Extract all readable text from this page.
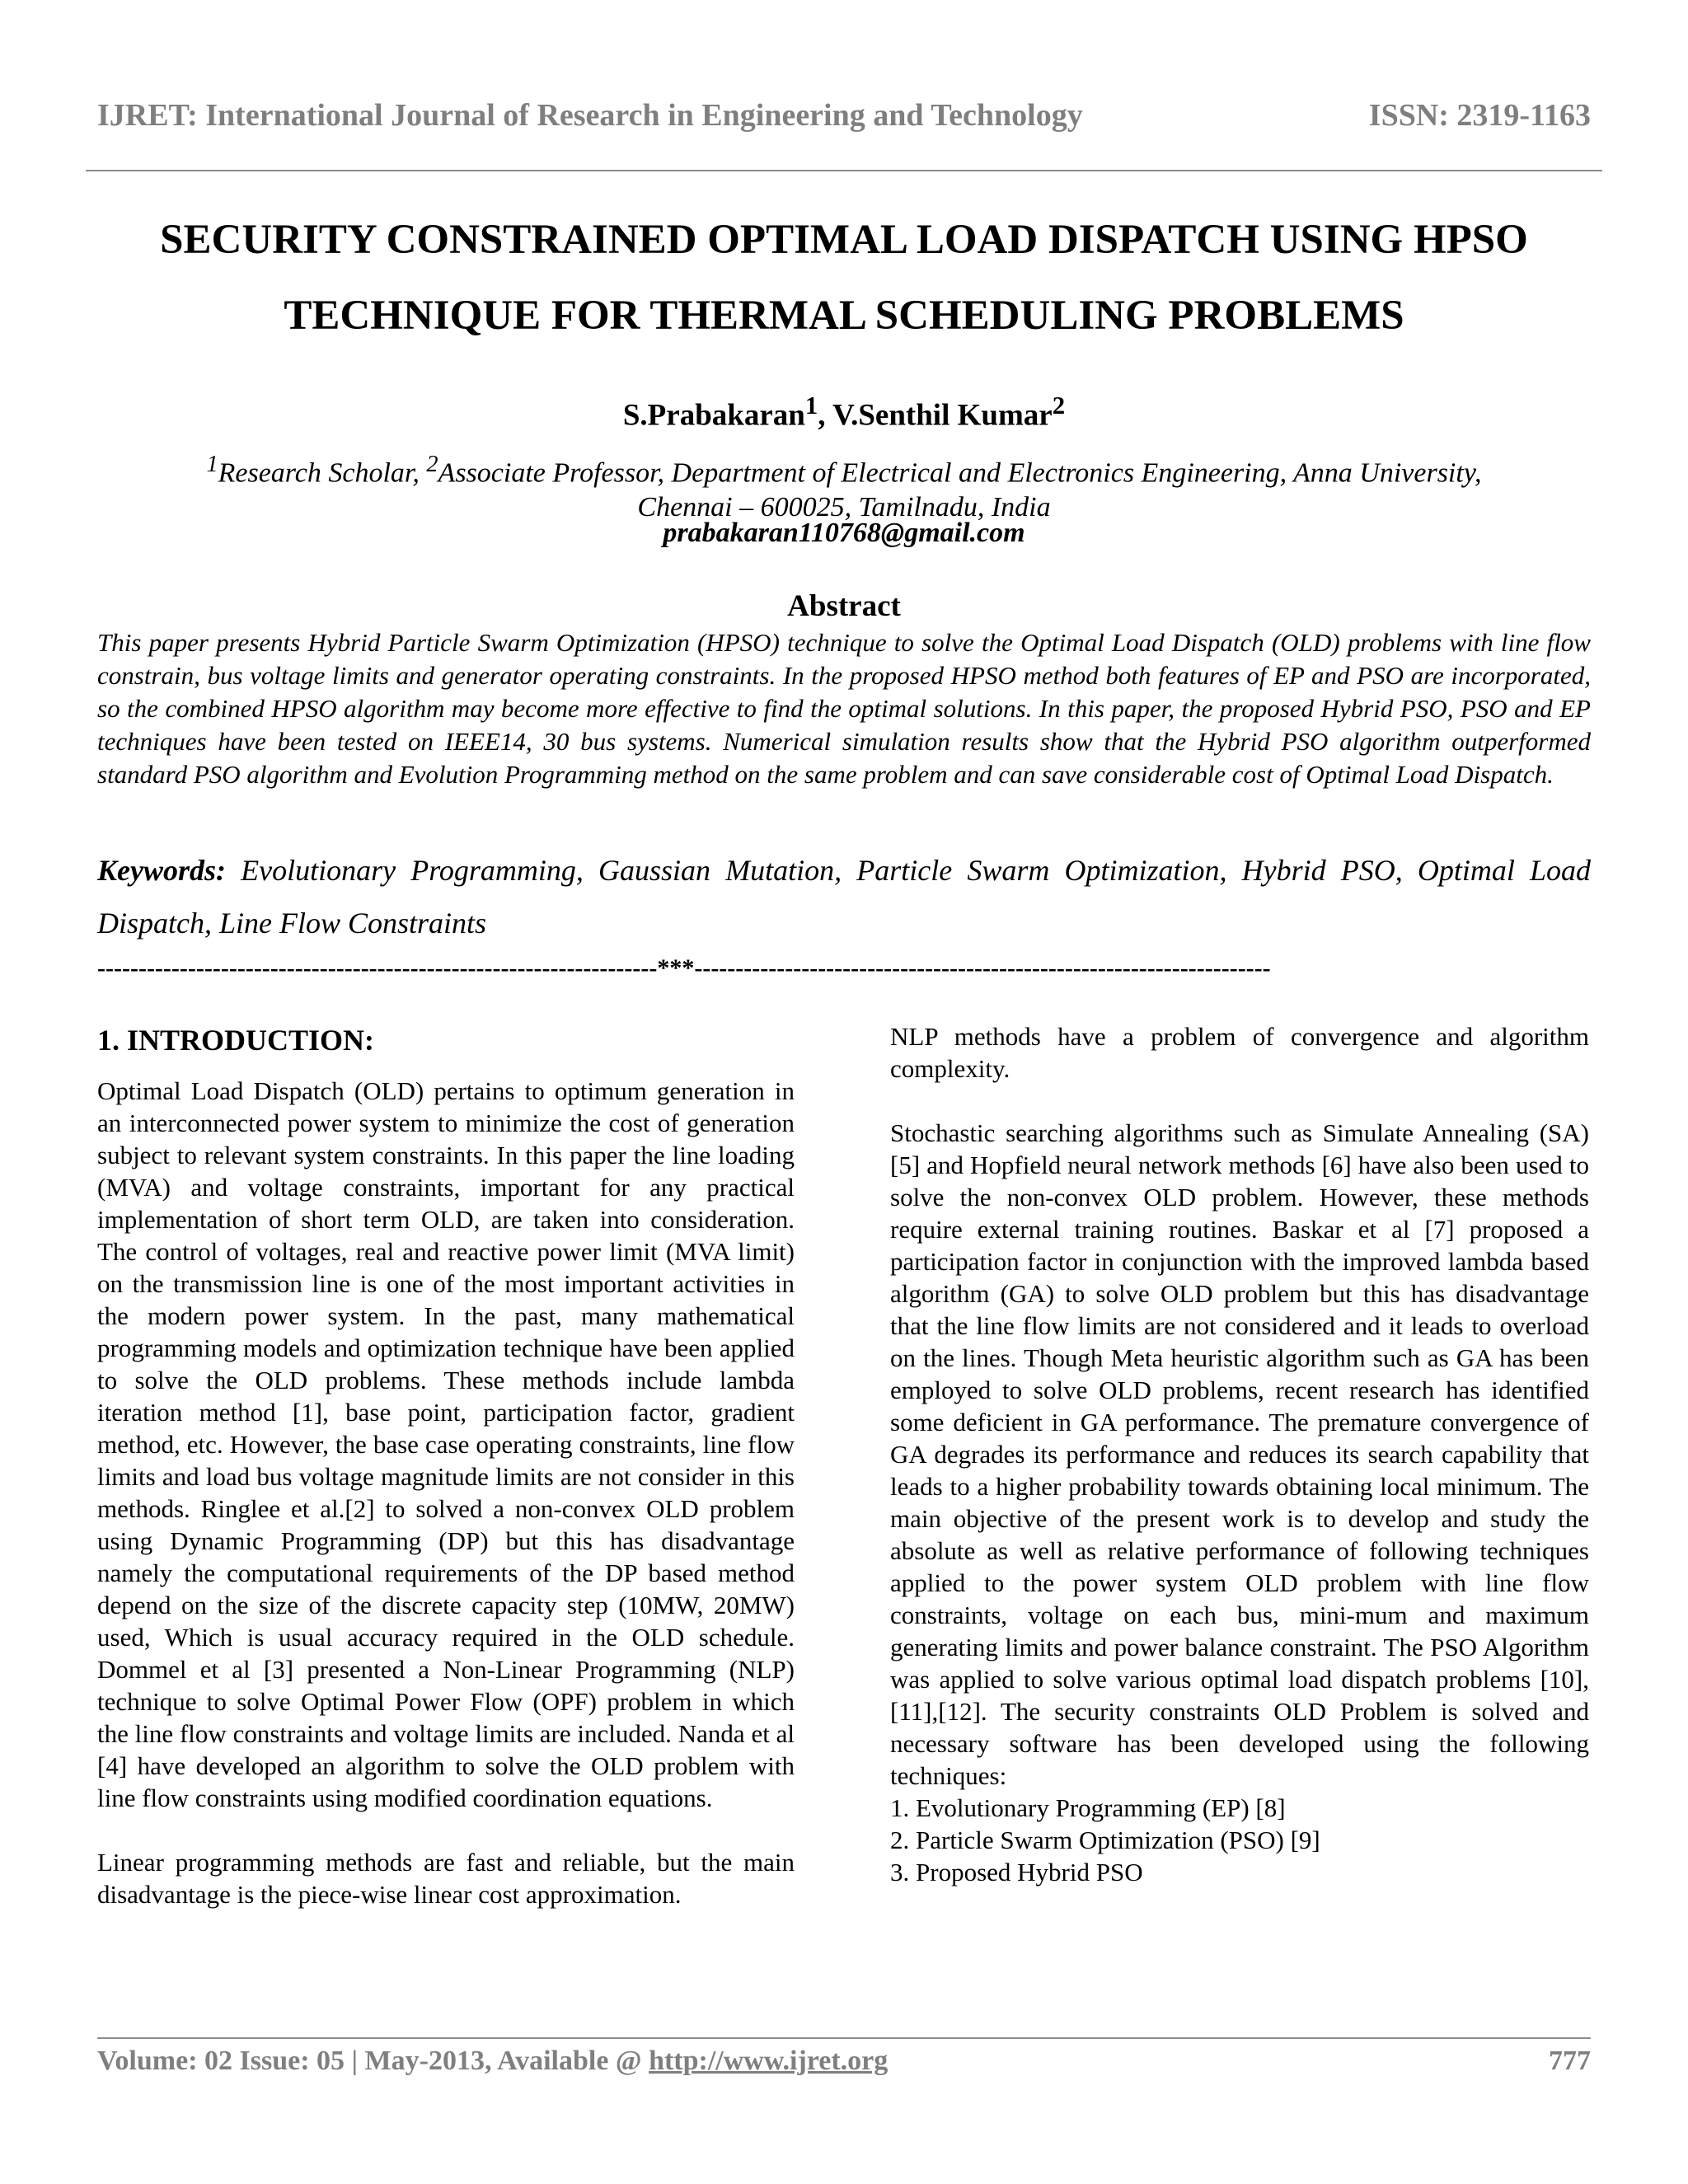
IJRET: International Journal of Research in Engineering and Technology	ISSN: 2319-1163
SECURITY CONSTRAINED OPTIMAL LOAD DISPATCH USING HPSO
TECHNIQUE FOR THERMAL SCHEDULING PROBLEMS
S.Prabakaran$^1$, V.Senthil Kumar$^2$
$^1$Research Scholar, $^2$Associate Professor, Department of Electrical and Electronics Engineering, Anna University,
Chennai – 600025, Tamilnadu, India
prabakaran110768@gmail.com
Abstract

This paper presents Hybrid Particle Swarm Optimization (HPSO) technique to solve the Optimal Load Dispatch (OLD) problems with line flow constrain, bus voltage limits and generator operating constraints. In the proposed HPSO method both features of EP and PSO are incorporated, so the combined HPSO algorithm may become more effective to find the optimal solutions. In this paper, the proposed Hybrid PSO, PSO and EP techniques have been tested on IEEE14, 30 bus systems. Numerical simulation results show that the Hybrid PSO algorithm outperformed standard PSO algorithm and Evolution Programming method on the same problem and can save considerable cost of Optimal Load Dispatch.

Keywords: Evolutionary Programming, Gaussian Mutation, Particle Swarm Optimization, Hybrid PSO, Optimal Load Dispatch, Line Flow Constraints

--------------------------------------------------------------------***----------------------------------------------------------------------
1. INTRODUCTION:

Optimal Load Dispatch (OLD) pertains to optimum generation in an interconnected power system to minimize the cost of generation subject to relevant system constraints. In this paper the line loading (MVA) and voltage constraints, important for any practical implementation of short term OLD, are taken into consideration. The control of voltages, real and reactive power limit (MVA limit) on the transmission line is one of the most important activities in the modern power system. In the past, many mathematical programming models and optimization technique have been applied to solve the OLD problems. These methods include lambda iteration method [1], base point, participation factor, gradient method, etc. However, the base case operating constraints, line flow limits and load bus voltage magnitude limits are not consider in this methods. Ringlee et al.[2] to solved a non-convex OLD problem using Dynamic Programming (DP) but this has disadvantage namely the computational requirements of the DP based method depend on the size of the discrete capacity step (10MW, 20MW) used, Which is usual accuracy required in the OLD schedule. Dommel et al [3] presented a Non-Linear Programming (NLP) technique to solve Optimal Power Flow (OPF) problem in which the line flow constraints and voltage limits are included. Nanda et al [4] have developed an algorithm to solve the OLD problem with line flow constraints using modified coordination equations.

Linear programming methods are fast and reliable, but the main disadvantage is the piece-wise linear cost approximation.

NLP methods have a problem of convergence and algorithm complexity.

Stochastic searching algorithms such as Simulate Annealing (SA) [5] and Hopfield neural network methods [6] have also been used to solve the non-convex OLD problem. However, these methods require external training routines. Baskar et al [7] proposed a participation factor in conjunction with the improved lambda based algorithm (GA) to solve OLD problem but this has disadvantage that the line flow limits are not considered and it leads to overload on the lines. Though Meta heuristic algorithm such as GA has been employed to solve OLD problems, recent research has identified some deficient in GA performance. The premature convergence of GA degrades its performance and reduces its search capability that leads to a higher probability towards obtaining local minimum. The main objective of the present work is to develop and study the absolute as well as relative performance of following techniques applied to the power system OLD problem with line flow constraints, voltage on each bus, mini-mum and maximum generating limits and power balance constraint. The PSO Algorithm was applied to solve various optimal load dispatch problems [10],[11],[12]. The security constraints OLD Problem is solved and necessary software has been developed using the following techniques:

1. Evolutionary Programming (EP) [8]
2. Particle Swarm Optimization (PSO) [9]
3. Proposed Hybrid PSO
Volume: 02 Issue: 05 | May-2013, Available @ http://www.ijret.org	777
